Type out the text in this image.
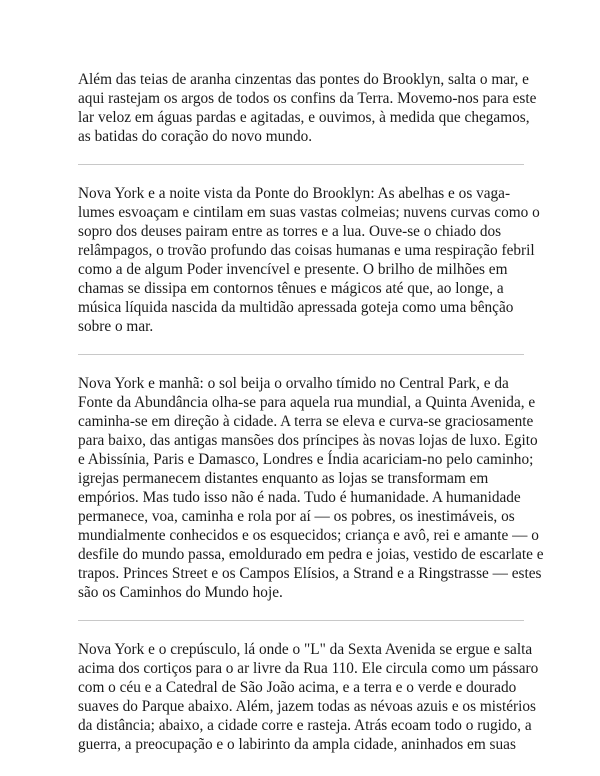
Além das teias de aranha cinzentas das pontes do Brooklyn, salta o mar, e
aqui rastejam os argos de todos os confins da Terra. Movemo-nos para este
lar veloz em águas pardas e agitadas, e ouvimos, à medida que chegamos,
as batidas do coração do novo mundo.

Nova York e a noite vista da Ponte do Brooklyn: As abelhas e os vaga-
lumes esvoaçam e cintilam em suas vastas colmeias; nuvens curvas como o
sopro dos deuses pairam entre as torres e a lua. Ouve-se o chiado dos
relâmpagos, o trovão profundo das coisas humanas e uma respiração febril
como a de algum Poder invencível e presente. O brilho de milhões em
chamas se dissipa em contornos tênues e mágicos até que, ao longe, a
música líquida nascida da multidão apressada goteja como uma bênção
sobre o mar.

Nova York e manhã: o sol beija o orvalho tímido no Central Park, e da
Fonte da Abundância olha-se para aquela rua mundial, a Quinta Avenida, e
caminha-se em direção à cidade. A terra se eleva e curva-se graciosamente
para baixo, das antigas mansões dos príncipes às novas lojas de luxo. Egito
e Abissínia, Paris e Damasco, Londres e Índia acariciam-no pelo caminho;
igrejas permanecem distantes enquanto as lojas se transformam em
empórios. Mas tudo isso não é nada. Tudo é humanidade. A humanidade
permanece, voa, caminha e rola por aí — os pobres, os inestimáveis, os
mundialmente conhecidos e os esquecidos; criança e avô, rei e amante — o
desfile do mundo passa, emoldurado em pedra e joias, vestido de escarlate e
trapos. Princes Street e os Campos Elísios, a Strand e a Ringstrasse — estes
são os Caminhos do Mundo hoje.

Nova York e o crepúsculo, lá onde o "L" da Sexta Avenida se ergue e salta
acima dos cortiços para o ar livre da Rua 110. Ele circula como um pássaro
com o céu e a Catedral de São João acima, e a terra e o verde e dourado
suaves do Parque abaixo. Além, jazem todas as névoas azuis e os mistérios
da distância; abaixo, a cidade corre e rasteja. Atrás ecoam todo o rugido, a
guerra, a preocupação e o labirinto da ampla cidade, aninhados em suas
